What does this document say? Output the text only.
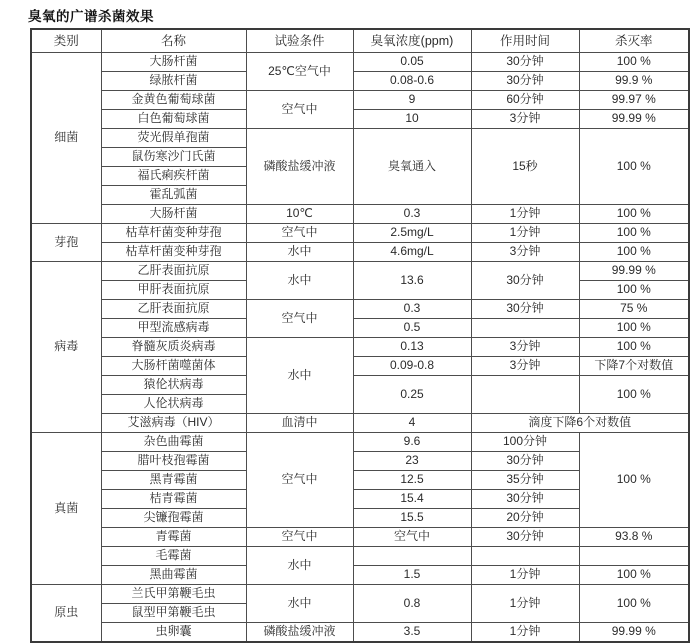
臭氧的广谱杀菌效果
类别	名称	试验条件	臭氧浓度(ppm)	作用时间	杀灭率
细菌	大肠杆菌	25℃空气中	0.05	30分钟	100 %
	绿脓杆菌		0.08-0.6	30分钟	99.9 %
	金黄色葡萄球菌	空气中	9	60分钟	99.97 %
	白色葡萄球菌		10	3分钟	99.99 %
	荧光假单孢菌	磷酸盐缓冲液	臭氧通入	15秒	100 %
	鼠伤寒沙门氏菌				
	福氏痢疾杆菌				
	霍乱弧菌				
	大肠杆菌	10℃	0.3	1分钟	100 %
芽孢	枯草杆菌变种芽孢	空气中	2.5mg/L	1分钟	100 %
	枯草杆菌变种芽孢	水中	4.6mg/L	3分钟	100 %
病毒	乙肝表面抗原	水中	13.6	30分钟	99.99 %
	甲肝表面抗原				100 %
	乙肝表面抗原	空气中	0.3	30分钟	75 %
	甲型流感病毒		0.5		100 %
	脊髓灰质炎病毒	水中	0.13	3分钟	100 %
	大肠杆菌噬菌体		0.09-0.8	3分钟	下降7个对数值
	猿伦状病毒		0.25		100 %
	人伦状病毒				
	艾滋病毒（HIV）	血清中	4	滴度下降6个对数值	
真菌	杂色曲霉菌	空气中	9.6	100分钟	100 %
	腊叶枝孢霉菌		23	30分钟	
	黑青霉菌		12.5	35分钟	
	桔青霉菌		15.4	30分钟	
	尖镰孢霉菌		15.5	20分钟	
	青霉菌	空气中	空气中	30分钟	93.8 %
	毛霉菌	水中			
	黑曲霉菌		1.5	1分钟	100 %
原虫	兰氏甲第鞭毛虫	水中	0.8	1分钟	100 %
	鼠型甲第鞭毛虫				
	虫卵囊	磷酸盐缓冲液	3.5	1分钟	99.99 %
